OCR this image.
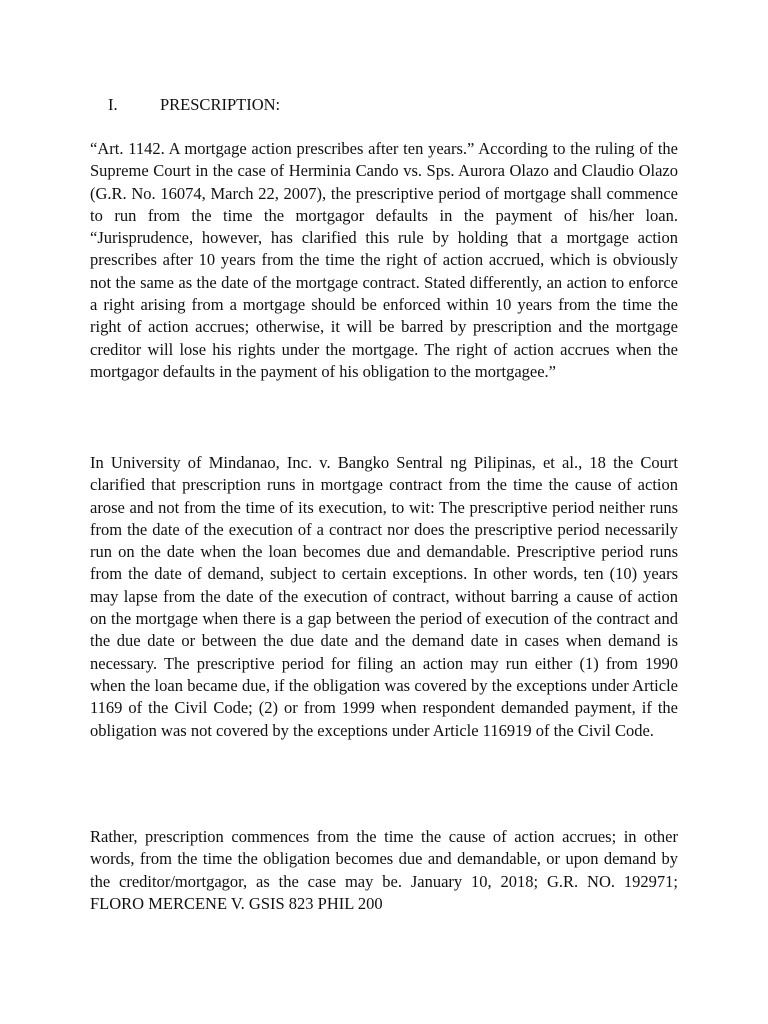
I.	PRESCRIPTION:

“Art. 1142. A mortgage action prescribes after ten years.” According to the ruling of the Supreme Court in the case of Herminia Cando vs. Sps. Aurora Olazo and Claudio Olazo (G.R. No. 16074, March 22, 2007), the prescriptive period of mortgage shall commence to run from the time the mortgagor defaults in the payment of his/her loan. “Jurisprudence, however, has clarified this rule by holding that a mortgage action prescribes after 10 years from the time the right of action accrued, which is obviously not the same as the date of the mortgage contract. Stated differently, an action to enforce a right arising from a mortgage should be enforced within 10 years from the time the right of action accrues; otherwise, it will be barred by prescription and the mortgage creditor will lose his rights under the mortgage. The right of action accrues when the mortgagor defaults in the payment of his obligation to the mortgagee.”

In University of Mindanao, Inc. v. Bangko Sentral ng Pilipinas, et al., 18 the Court clarified that prescription runs in mortgage contract from the time the cause of action arose and not from the time of its execution, to wit: The prescriptive period neither runs from the date of the execution of a contract nor does the prescriptive period necessarily run on the date when the loan becomes due and demandable. Prescriptive period runs from the date of demand, subject to certain exceptions. In other words, ten (10) years may lapse from the date of the execution of contract, without barring a cause of action on the mortgage when there is a gap between the period of execution of the contract and the due date or between the due date and the demand date in cases when demand is necessary. The prescriptive period for filing an action may run either (1) from 1990 when the loan became due, if the obligation was covered by the exceptions under Article 1169 of the Civil Code; (2) or from 1999 when respondent demanded payment, if the obligation was not covered by the exceptions under Article 116919 of the Civil Code.

Rather, prescription commences from the time the cause of action accrues; in other words, from the time the obligation becomes due and demandable, or upon demand by the creditor/mortgagor, as the case may be. January 10, 2018; G.R. NO. 192971; FLORO MERCENE V. GSIS 823 PHIL 200
